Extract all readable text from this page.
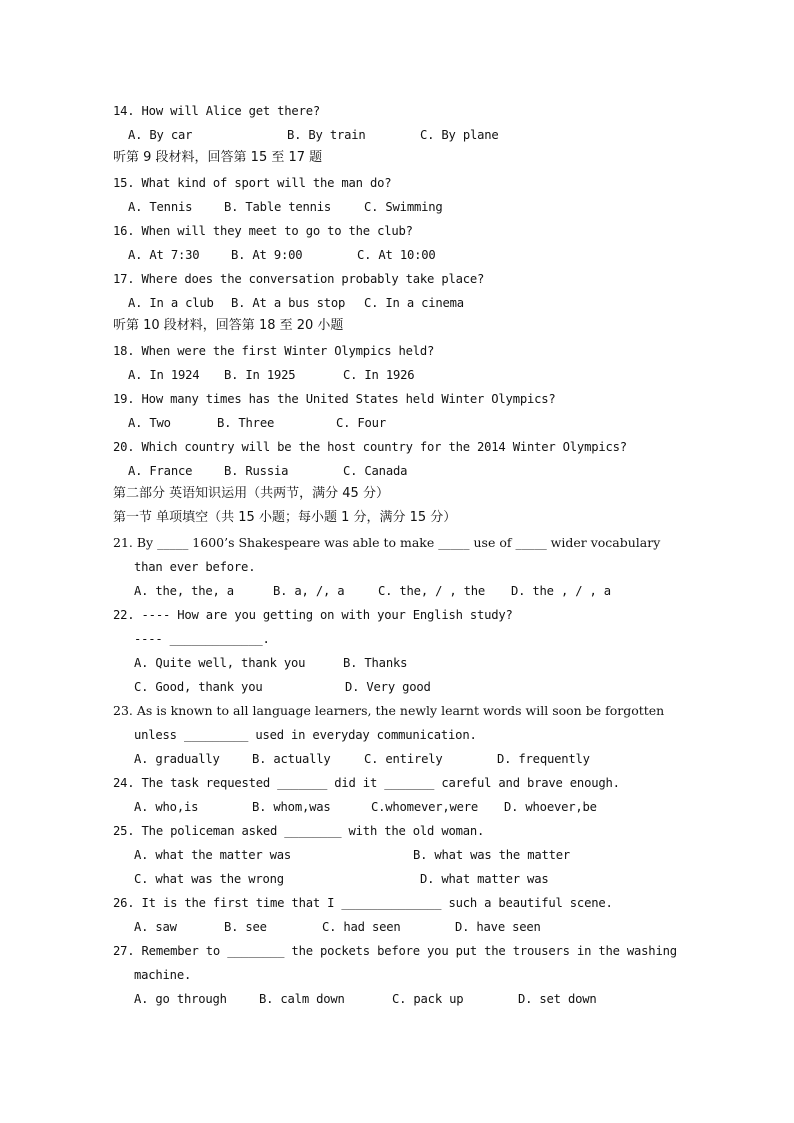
14. How will Alice get there?
A. By car	B. By train	C. By plane
听第 9 段材料，回答第 15 至 17 题
15. What kind of sport will the man do?
A. Tennis	B. Table tennis	C. Swimming
16. When will they meet to go to the club?
A. At 7:30	B. At 9:00	C. At 10:00
17. Where does the conversation probably take place?
A. In a club B. At a bus stop C. In a cinema
听第 10 段材料，回答第 18 至 20 小题
18. When were the first Winter Olympics held?
A. In 1924 B. In 1925	C. In 1926
19. How many times has the United States held Winter Olympics?
A. Two	B. Three	C. Four
20. Which country will be the host country for the 2014 Winter Olympics?
A. France	B. Russia	C. Canada
第二部分 英语知识运用（共两节，满分 45 分）
第一节 单项填空（共 15 小题；每小题 1 分，满分 15 分）
21. By _____ 1600’s Shakespeare was able to make _____ use of _____ wider vocabulary
than ever before.
A. the, the, a	B. a, /, a	C. the, / , the D. the , / , a
22. ---- How are you getting on with your English study?
---- _____________.
A. Quite well, thank you	B. Thanks
C. Good, thank you	D. Very good
23. As is known to all language learners, the newly learnt words will soon be forgotten
unless _________ used in everyday communication.
A. gradually	B. actually	C. entirely	D. frequently
24. The task requested _______ did it _______ careful and brave enough.
A. who,is	B. whom,was	C.whomever,were D. whoever,be
25. The policeman asked ________ with the old woman.
A. what the matter was	B. what was the matter
C. what was the wrong	D. what matter was
26. It is the first time that I ______________ such a beautiful scene.
A. saw	B. see	C. had seen	D. have seen
27. Remember to ________ the pockets before you put the trousers in the washing
machine.
A. go through	B. calm down	C. pack up	D. set down
